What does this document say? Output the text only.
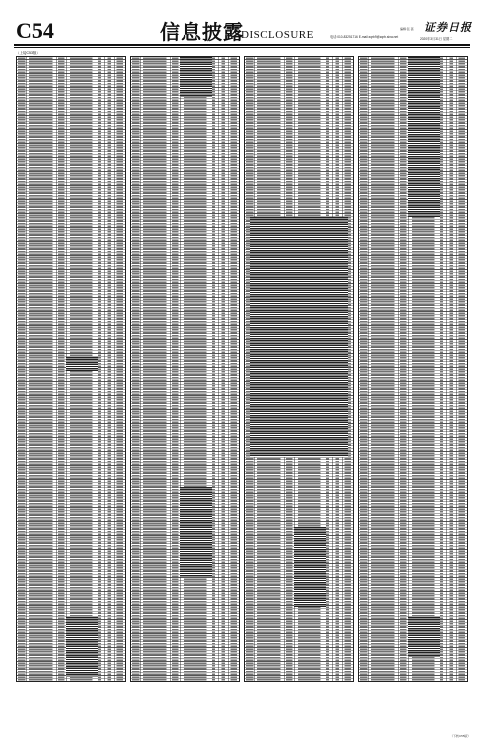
C54	信息披露
DISCLOSURE	编辑:张 蓓
电话:010-83251716 E-mail:zqrb9@zqrb.sina.net
证券日报
2020年3月31日 星期二
（上接C53版）
（下转C55版）
